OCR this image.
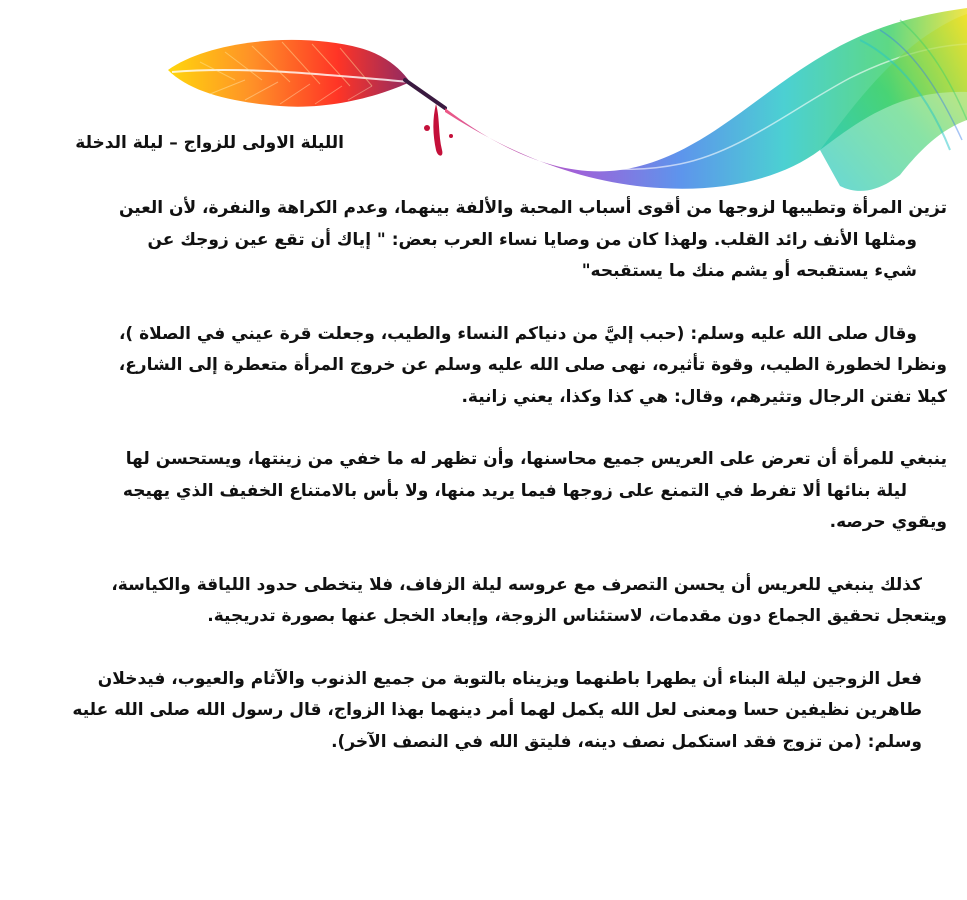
الليلة الاولى للزواج – ليلة الدخلة
تزين المرأة وتطيبها لزوجها من أقوى أسباب المحبة والألفة بينهما، وعدم الكراهة والنفرة، لأن العين
ومثلها الأنف رائد القلب. ولهذا كان من وصايا نساء العرب بعض: " إياك أن تقع عين زوجك عن
شيء يستقبحه أو يشم منك ما يستقبحه"
وقال صلى الله عليه وسلم: (حبب إليَّ من دنياكم النساء والطيب، وجعلت قرة عيني في الصلاة )،
ونظرا لخطورة الطيب، وقوة تأثيره، نهى صلى الله عليه وسلم عن خروج المرأة متعطرة إلى الشارع،
كيلا تفتن الرجال وتثيرهم، وقال: هي كذا وكذا، يعني زانية.
ينبغي للمرأة أن تعرض على العريس جميع محاسنها، وأن تظهر له ما خفي من زينتها، ويستحسن لها
ليلة بنائها ألا تفرط في التمنع على زوجها فيما يريد منها، ولا بأس بالامتناع الخفيف الذي يهيجه
ويقوي حرصه.
كذلك ينبغي للعريس أن يحسن التصرف مع عروسه ليلة الزفاف، فلا يتخطى حدود اللياقة والكياسة،
ويتعجل تحقيق الجماع دون مقدمات، لاستئناس الزوجة، وإبعاد الخجل عنها بصورة تدريجية.
فعل الزوجين ليلة البناء أن يطهرا باطنهما ويزيناه بالتوبة من جميع الذنوب والآثام والعيوب، فيدخلان
طاهرين نظيفين حسا ومعنى لعل الله يكمل لهما أمر دينهما بهذا الزواج، قال رسول الله صلى الله عليه
وسلم: (من تزوج فقد استكمل نصف دينه، فليتق الله في النصف الآخر).
